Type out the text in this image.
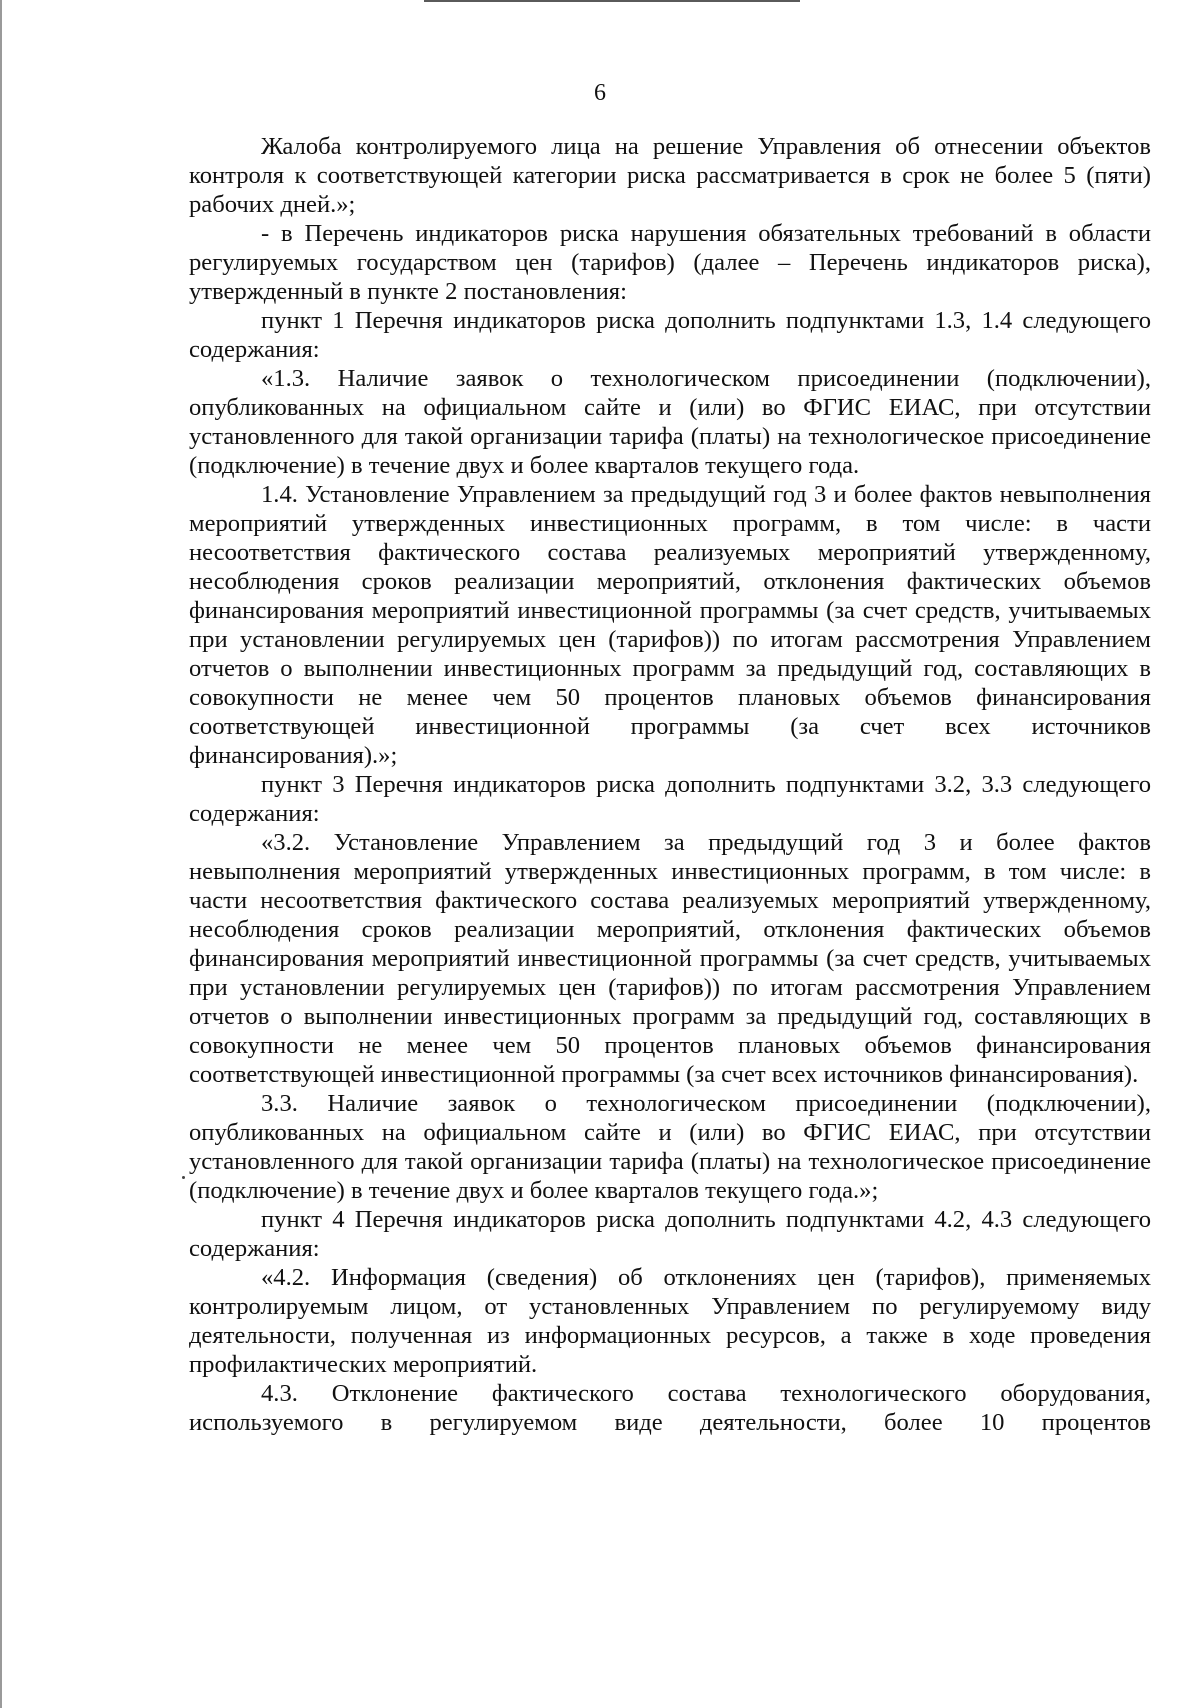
6

Жалоба контролируемого лица на решение Управления об отнесении объектов контроля к соответствующей категории риска рассматривается в срок не более 5 (пяти) рабочих дней.»;

- в Перечень индикаторов риска нарушения обязательных требований в области регулируемых государством цен (тарифов) (далее – Перечень индикаторов риска), утвержденный в пункте 2 постановления:

пункт 1 Перечня индикаторов риска дополнить подпунктами 1.3, 1.4 следующего содержания:

«1.3. Наличие заявок о технологическом присоединении (подключении), опубликованных на официальном сайте и (или) во ФГИС ЕИАС, при отсутствии установленного для такой организации тарифа (платы) на технологическое присоединение (подключение) в течение двух и более кварталов текущего года.

1.4. Установление Управлением за предыдущий год 3 и более фактов невыполнения мероприятий утвержденных инвестиционных программ, в том числе: в части несоответствия фактического состава реализуемых мероприятий утвержденному, несоблюдения сроков реализации мероприятий, отклонения фактических объемов финансирования мероприятий инвестиционной программы (за счет средств, учитываемых при установлении регулируемых цен (тарифов)) по итогам рассмотрения Управлением отчетов о выполнении инвестиционных программ за предыдущий год, составляющих в совокупности не менее чем 50 процентов плановых объемов финансирования соответствующей инвестиционной программы (за счет всех источников финансирования).»;

пункт 3 Перечня индикаторов риска дополнить подпунктами 3.2, 3.3 следующего содержания:

«3.2. Установление Управлением за предыдущий год 3 и более фактов невыполнения мероприятий утвержденных инвестиционных программ, в том числе: в части несоответствия фактического состава реализуемых мероприятий утвержденному, несоблюдения сроков реализации мероприятий, отклонения фактических объемов финансирования мероприятий инвестиционной программы (за счет средств, учитываемых при установлении регулируемых цен (тарифов)) по итогам рассмотрения Управлением отчетов о выполнении инвестиционных программ за предыдущий год, составляющих в совокупности не менее чем 50 процентов плановых объемов финансирования соответствующей инвестиционной программы (за счет всех источников финансирования).

3.3. Наличие заявок о технологическом присоединении (подключении), опубликованных на официальном сайте и (или) во ФГИС ЕИАС, при отсутствии установленного для такой организации тарифа (платы) на технологическое присоединение (подключение) в течение двух и более кварталов текущего года.»;

пункт 4 Перечня индикаторов риска дополнить подпунктами 4.2, 4.3 следующего содержания:

«4.2. Информация (сведения) об отклонениях цен (тарифов), применяемых контролируемым лицом, от установленных Управлением по регулируемому виду деятельности, полученная из информационных ресурсов, а также в ходе проведения профилактических мероприятий.

4.3. Отклонение фактического состава технологического оборудования, используемого в регулируемом виде деятельности, более 10 процентов
